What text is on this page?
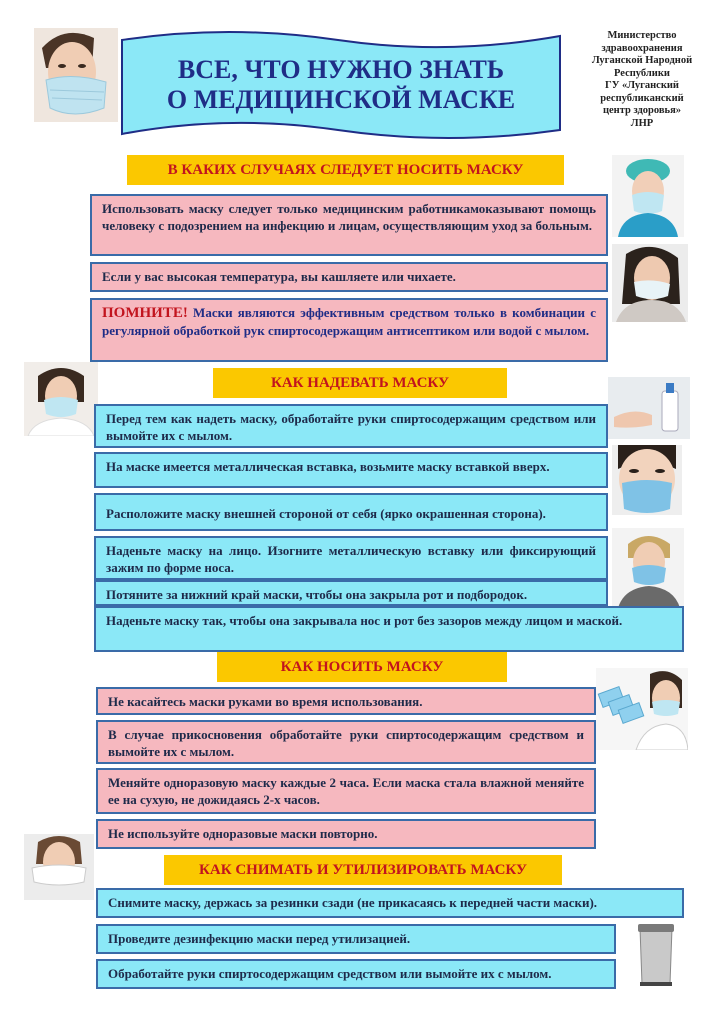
ВСЕ, ЧТО НУЖНО ЗНАТЬ
О МЕДИЦИНСКОЙ МАСКЕ
Министерство
здравоохранения
Луганской Народной
Республики
ГУ «Луганский
республиканский
центр здоровья»
ЛНР
В КАКИХ СЛУЧАЯХ СЛЕДУЕТ НОСИТЬ МАСКУ
Использовать маску следует только медицинским работникамоказывают помощь человеку с подозрением на инфекцию и лицам, осуществляющим уход за больным.
Если у вас высокая температура, вы кашляете или чихаете.
ПОМНИТЕ! Маски являются эффективным средством только в комбинации с регулярной обработкой рук спиртосодержащим антисептиком или водой с мылом.
КАК НАДЕВАТЬ МАСКУ
Перед тем как надеть маску, обработайте руки спиртосодержащим средством или вымойте их с мылом.
На маске имеется металлическая вставка, возьмите маску вставкой вверх.
Расположите маску внешней стороной от себя (ярко окрашенная сторона).
Наденьте маску на лицо. Изогните металлическую вставку или фиксирующий зажим по форме носа.
Потяните за нижний край маски, чтобы она закрыла рот и подбородок.
Наденьте маску так, чтобы она закрывала нос и рот без зазоров между лицом и маской.
КАК НОСИТЬ МАСКУ
Не касайтесь маски руками во время использования.
В случае прикосновения обработайте руки спиртосодержащим средством и вымойте их с мылом.
Меняйте одноразовую маску каждые 2 часа. Если маска стала влажной меняйте ее на сухую, не дожидаясь 2-х часов.
Не используйте одноразовые маски повторно.
КАК СНИМАТЬ И УТИЛИЗИРОВАТЬ МАСКУ
Снимите маску, держась за резинки сзади (не прикасаясь к передней части маски).
Проведите дезинфекцию маски перед утилизацией.
Обработайте руки спиртосодержащим средством или вымойте их с мылом.
